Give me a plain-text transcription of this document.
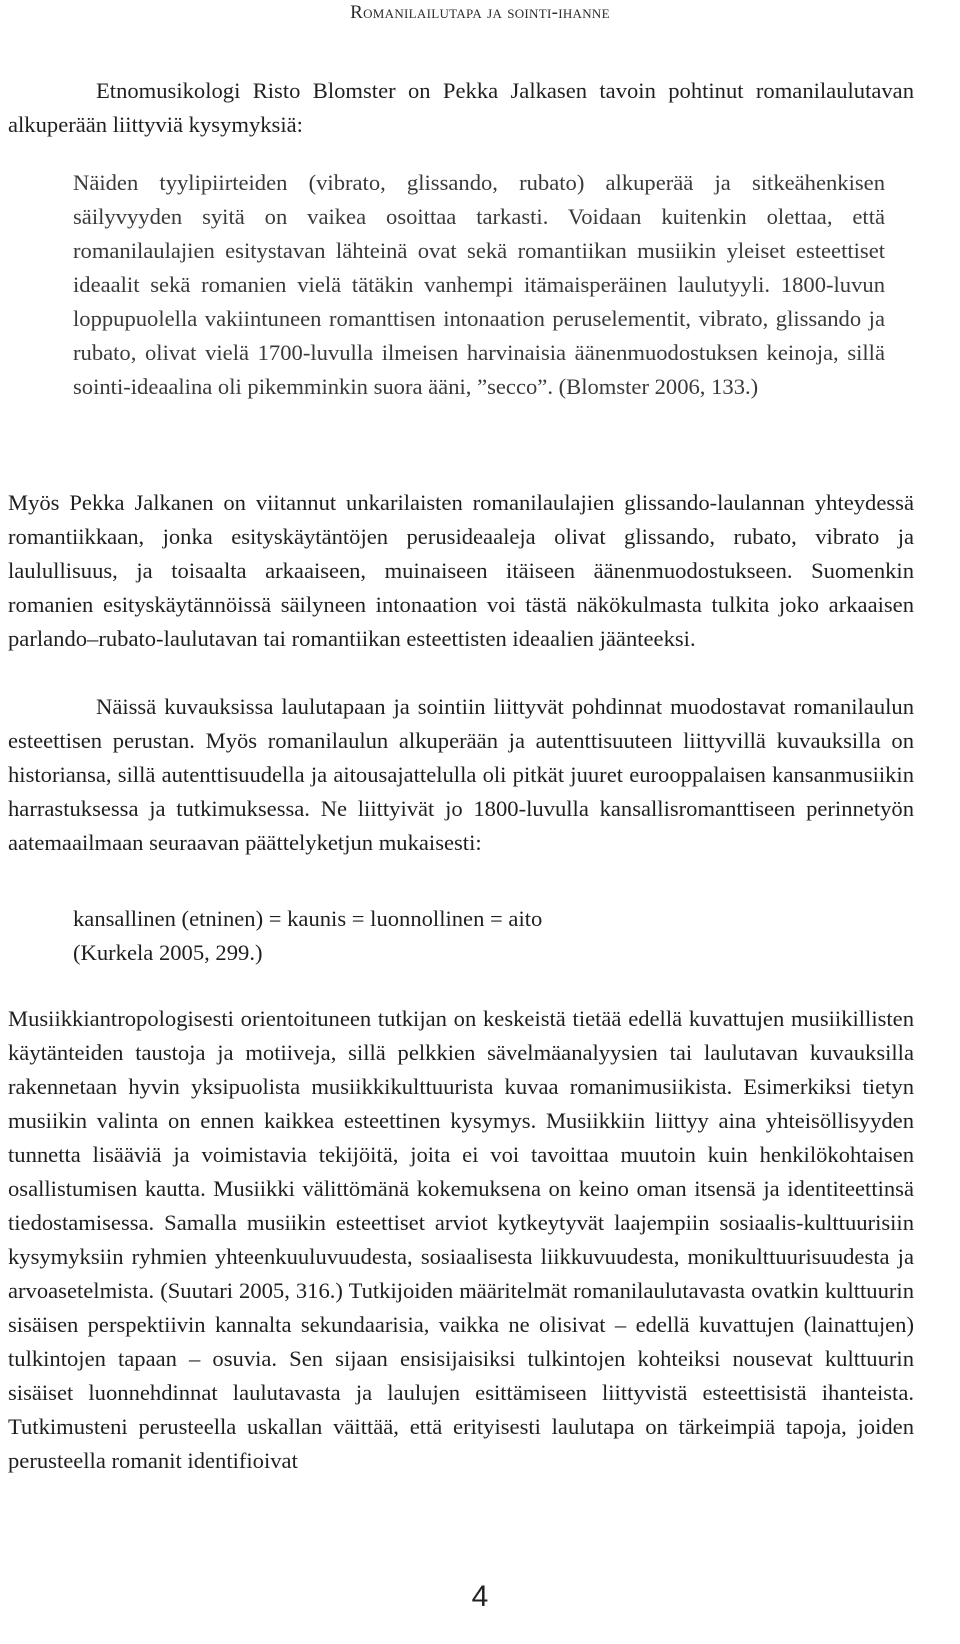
Romanilailutapa ja sointi-ihanne

Etnomusikologi Risto Blomster on Pekka Jalkasen tavoin pohtinut romanilaulutavan alkuperään liittyviä kysymyksiä:

Näiden tyylipiirteiden (vibrato, glissando, rubato) alkuperää ja sitkeähenkisen säilyvyyden syitä on vaikea osoittaa tarkasti. Voidaan kuitenkin olettaa, että romanilaulajien esitystavan lähteinä ovat sekä romantiikan musiikin yleiset esteettiset ideaalit sekä romanien vielä tätäkin vanhempi itämaisperäinen laulutyyli. 1800-luvun loppupuolella vakiintuneen romanttisen intonaation peruselementit, vibrato, glissando ja rubato, olivat vielä 1700-luvulla ilmeisen harvinaisia äänenmuodostuksen keinoja, sillä sointi-ideaalina oli pikemminkin suora ääni, ”secco”. (Blomster 2006, 133.)

Myös Pekka Jalkanen on viitannut unkarilaisten romanilaulajien glissando-laulannan yhteydessä romantiikkaan, jonka esityskäytäntöjen perusideaaleja olivat glissando, rubato, vibrato ja laulullisuus, ja toisaalta arkaaiseen, muinaiseen itäiseen äänenmuodostukseen. Suomenkin romanien esityskäytännöissä säilyneen intonaation voi tästä näkökulmasta tulkita joko arkaaisen parlando–rubato-laulutavan tai romantiikan esteettisten ideaalien jäänteeksi.

Näissä kuvauksissa laulutapaan ja sointiin liittyvät pohdinnat muodostavat romanilaulun esteettisen perustan. Myös romanilaulun alkuperään ja autenttisuuteen liittyvillä kuvauksilla on historiansa, sillä autenttisuudella ja aitousajattelulla oli pitkät juuret eurooppalaisen kansanmusiikin harrastuksessa ja tutkimuksessa. Ne liittyivät jo 1800-luvulla kansallisromanttiseen perinnetyön aatemaailmaan seuraavan päättelyketjun mukaisesti:

kansallinen (etninen) = kaunis = luonnollinen = aito
(Kurkela 2005, 299.)

Musiikkiantropologisesti orientoituneen tutkijan on keskeistä tietää edellä kuvattujen musiikillisten käytänteiden taustoja ja motiiveja, sillä pelkkien sävelmäanalyysien tai laulutavan kuvauksilla rakennetaan hyvin yksipuolista musiikkikulttuurista kuvaa romanimusiikista. Esimerkiksi tietyn musiikin valinta on ennen kaikkea esteettinen kysymys. Musiikkiin liittyy aina yhteisöllisyyden tunnetta lisääviä ja voimistavia tekijöitä, joita ei voi tavoittaa muutoin kuin henkilökohtaisen osallistumisen kautta. Musiikki välittömänä kokemuksena on keino oman itsensä ja identiteettinsä tiedostamisessa. Samalla musiikin esteettiset arviot kytkeytyvät laajempiin sosiaalis-kulttuurisiin kysymyksiin ryhmien yhteenkuuluvuudesta, sosiaalisesta liikkuvuudesta, monikulttuurisuudesta ja arvoasetelmista. (Suutari 2005, 316.) Tutkijoiden määritelmät romanilaulutavasta ovatkin kulttuurin sisäisen perspektiivin kannalta sekundaarisia, vaikka ne olisivat – edellä kuvattujen (lainattujen) tulkintojen tapaan – osuvia. Sen sijaan ensisijaisiksi tulkintojen kohteiksi nousevat kulttuurin sisäiset luonnehdinnat laulutavasta ja laulujen esittämiseen liittyvistä esteettisistä ihanteista. Tutkimusteni perusteella uskallan väittää, että erityisesti laulutapa on tärkeimpiä tapoja, joiden perusteella romanit identifioivat

4
